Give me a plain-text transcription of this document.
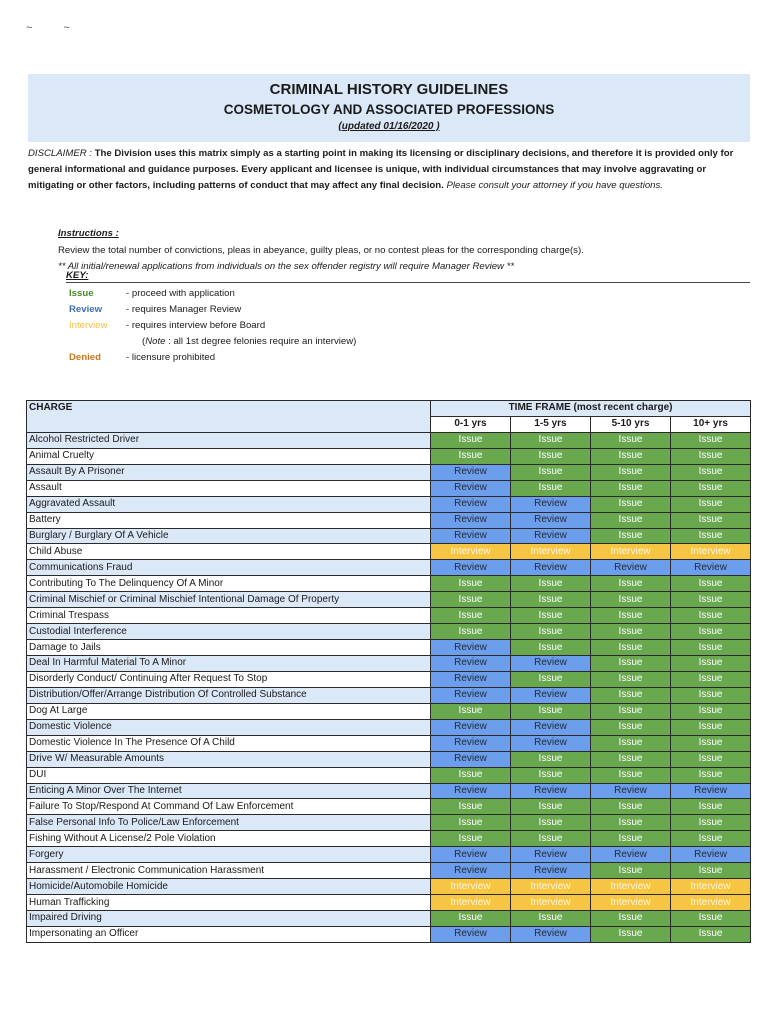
~ ~
CRIMINAL HISTORY GUIDELINES
COSMETOLOGY AND ASSOCIATED PROFESSIONS
(updated 01/16/2020 )
DISCLAIMER : The Division uses this matrix simply as a starting point in making its licensing or disciplinary decisions, and therefore it is provided only for general informational and guidance purposes. Every applicant and licensee is unique, with individual circumstances that may involve aggravating or mitigating or other factors, including patterns of conduct that may affect any final decision. Please consult your attorney if you have questions.
Instructions :
Review the total number of convictions, pleas in abeyance, guilty pleas, or no contest pleas for the corresponding charge(s).
** All initial/renewal applications from individuals on the sex offender registry will require Manager Review **
KEY:
Issue	- proceed with application
Review	- requires Manager Review
Interview	- requires interview before Board
(Note : all 1st degree felonies require an interview)
Denied	- licensure prohibited
CHARGE	TIME FRAME (most recent charge)			
	0-1 yrs	1-5 yrs	5-10 yrs	10+ yrs
Alcohol Restricted Driver	Issue	Issue	Issue	Issue
Animal Cruelty	Issue	Issue	Issue	Issue
Assault By A Prisoner	Review	Issue	Issue	Issue
Assault	Review	Issue	Issue	Issue
Aggravated Assault	Review	Review	Issue	Issue
Battery	Review	Review	Issue	Issue
Burglary / Burglary Of A Vehicle	Review	Review	Issue	Issue
Child Abuse	Interview	Interview	Interview	Interview
Communications Fraud	Review	Review	Review	Review
Contributing To The Delinquency Of A Minor	Issue	Issue	Issue	Issue
Criminal Mischief or Criminal Mischief Intentional Damage Of Property	Issue	Issue	Issue	Issue
Criminal Trespass	Issue	Issue	Issue	Issue
Custodial Interference	Issue	Issue	Issue	Issue
Damage to Jails	Review	Issue	Issue	Issue
Deal In Harmful Material To A Minor	Review	Review	Issue	Issue
Disorderly Conduct/ Continuing After Request To Stop	Review	Issue	Issue	Issue
Distribution/Offer/Arrange Distribution Of Controlled Substance	Review	Review	Issue	Issue
Dog At Large	Issue	Issue	Issue	Issue
Domestic Violence	Review	Review	Issue	Issue
Domestic Violence In The Presence Of A Child	Review	Review	Issue	Issue
Drive W/ Measurable Amounts	Review	Issue	Issue	Issue
DUI	Issue	Issue	Issue	Issue
Enticing A Minor Over The Internet	Review	Review	Review	Review
Failure To Stop/Respond At Command Of Law Enforcement	Issue	Issue	Issue	Issue
False Personal Info To Police/Law Enforcement	Issue	Issue	Issue	Issue
Fishing Without A License/2 Pole Violation	Issue	Issue	Issue	Issue
Forgery	Review	Review	Review	Review
Harassment / Electronic Communication Harassment	Review	Review	Issue	Issue
Homicide/Automobile Homicide	Interview	Interview	Interview	Interview
Human Trafficking	Interview	Interview	Interview	Interview
Impaired Driving	Issue	Issue	Issue	Issue
Impersonating an Officer	Review	Review	Issue	Issue
